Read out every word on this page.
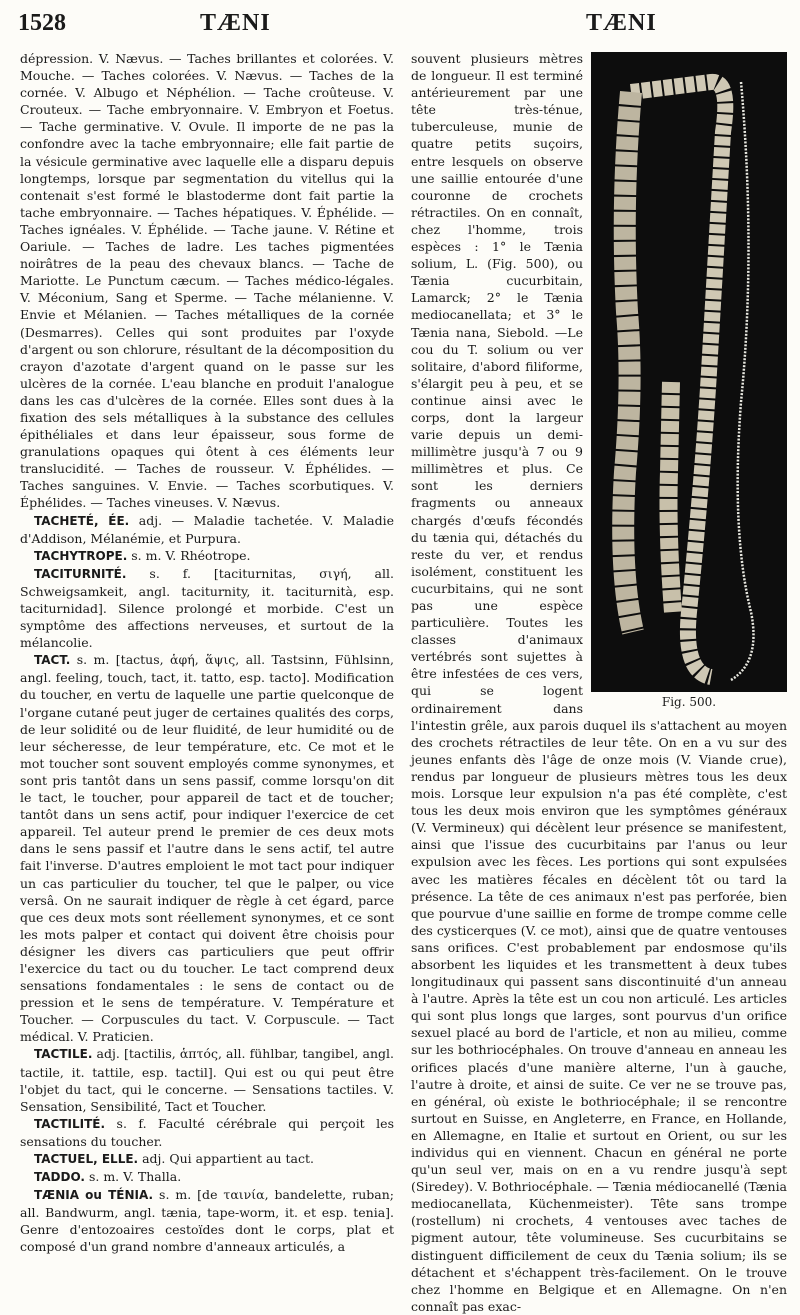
1528	TÆNI	TÆNI

dépression. V. Nævus. — Taches brillantes et colorées. V. Mouche. — Taches colorées. V. Nævus. — Taches de la cornée. V. Albugo et Néphélion. — Tache croûteuse. V. Crouteux. — Tache embryonnaire. V. Embryon et Foetus. — Tache germinative. V. Ovule. Il importe de ne pas la confondre avec la tache embryonnaire; elle fait partie de la vésicule germinative avec laquelle elle a disparu depuis longtemps, lorsque par segmentation du vitellus qui la contenait s'est formé le blastoderme dont fait partie la tache embryonnaire. — Taches hépatiques. V. Éphélide. — Taches ignéales. V. Éphélide. — Tache jaune. V. Rétine et Oariule. — Taches de ladre. Les taches pigmentées noirâtres de la peau des chevaux blancs. — Tache de Mariotte. Le Punctum cæcum. — Taches médico-légales. V. Méconium, Sang et Sperme. — Tache mélanienne. V. Envie et Mélanien. — Taches métalliques de la cornée (Desmarres). Celles qui sont produites par l'oxyde d'argent ou son chlorure, résultant de la décomposition du crayon d'azotate d'argent quand on le passe sur les ulcères de la cornée. L'eau blanche en produit l'analogue dans les cas d'ulcères de la cornée. Elles sont dues à la fixation des sels métalliques à la substance des cellules épithéliales et dans leur épaisseur, sous forme de granulations opaques qui ôtent à ces éléments leur translucidité. — Taches de rousseur. V. Éphélides. — Taches sanguines. V. Envie. — Taches scorbutiques. V. Éphélides. — Taches vineuses. V. Nævus.

TACHETÉ, ÉE. adj. — Maladie tachetée. V. Maladie d'Addison, Mélanémie, et Purpura.

TACHYTROPE. s. m. V. Rhéotrope.

TACITURNITÉ. s. f. [taciturnitas, σιγή, all. Schweigsamkeit, angl. taciturnity, it. taciturnità, esp. taciturnidad]. Silence prolongé et morbide. C'est un symptôme des affections nerveuses, et surtout de la mélancolie.

TACT. s. m. [tactus, ἁφή, ἅψις, all. Tastsinn, Fühlsinn, angl. feeling, touch, tact, it. tatto, esp. tacto]. Modification du toucher, en vertu de laquelle une partie quelconque de l'organe cutané peut juger de certaines qualités des corps, de leur solidité ou de leur fluidité, de leur humidité ou de leur sécheresse, de leur température, etc. Ce mot et le mot toucher sont souvent employés comme synonymes, et sont pris tantôt dans un sens passif, comme lorsqu'on dit le tact, le toucher, pour appareil de tact et de toucher; tantôt dans un sens actif, pour indiquer l'exercice de cet appareil. Tel auteur prend le premier de ces deux mots dans le sens passif et l'autre dans le sens actif, tel autre fait l'inverse. D'autres emploient le mot tact pour indiquer un cas particulier du toucher, tel que le palper, ou vice versâ. On ne saurait indiquer de règle à cet égard, parce que ces deux mots sont réellement synonymes, et ce sont les mots palper et contact qui doivent être choisis pour désigner les divers cas particuliers que peut offrir l'exercice du tact ou du toucher. Le tact comprend deux sensations fondamentales : le sens de contact ou de pression et le sens de température. V. Température et Toucher. — Corpuscules du tact. V. Corpuscule. — Tact médical. V. Praticien.

TACTILE. adj. [tactilis, ἁπτός, all. fühlbar, tangibel, angl. tactile, it. tattile, esp. tactil]. Qui est ou qui peut être l'objet du tact, qui le concerne. — Sensations tactiles. V. Sensation, Sensibilité, Tact et Toucher.

TACTILITÉ. s. f. Faculté cérébrale qui perçoit les sensations du toucher.

TACTUEL, ELLE. adj. Qui appartient au tact.

TADDO. s. m. V. Thalla.

TÆNIA ou TÉNIA. s. m. [de ταινία, bandelette, ruban; all. Bandwurm, angl. tænia, tape-worm, it. et esp. tenia]. Genre d'entozoaires cestoïdes dont le corps, plat et composé d'un grand nombre d'anneaux articulés, a

Fig. 500.

souvent plusieurs mètres de longueur. Il est terminé antérieurement par une tête très-ténue, tuberculeuse, munie de quatre petits suçoirs, entre lesquels on observe une saillie entourée d'une couronne de crochets rétractiles. On en connaît, chez l'homme, trois espèces : 1° le Tænia solium, L. (Fig. 500), ou Tænia cucurbitain, Lamarck; 2° le Tænia mediocanellata; et 3° le Tænia nana, Siebold. —Le cou du T. solium ou ver solitaire, d'abord filiforme, s'élargit peu à peu, et se continue ainsi avec le corps, dont la largeur varie depuis un demi-millimètre jusqu'à 7 ou 9 millimètres et plus. Ce sont les derniers fragments ou anneaux chargés d'œufs fécondés du tænia qui, détachés du reste du ver, et rendus isolément, constituent les cucurbitains, qui ne sont pas une espèce particulière. Toutes les classes d'animaux vertébrés sont sujettes à être infestées de ces vers, qui se logent ordinairement dans l'intestin grêle, aux parois duquel ils s'attachent au moyen des crochets rétractiles de leur tête. On en a vu sur des jeunes enfants dès l'âge de onze mois (V. Viande crue), rendus par longueur de plusieurs mètres tous les deux mois. Lorsque leur expulsion n'a pas été complète, c'est tous les deux mois environ que les symptômes généraux (V. Vermineux) qui décèlent leur présence se manifestent, ainsi que l'issue des cucurbitains par l'anus ou leur expulsion avec les fèces. Les portions qui sont expulsées avec les matières fécales en décèlent tôt ou tard la présence. La tête de ces animaux n'est pas perforée, bien que pourvue d'une saillie en forme de trompe comme celle des cysticerques (V. ce mot), ainsi que de quatre ventouses sans orifices. C'est probablement par endosmose qu'ils absorbent les liquides et les transmettent à deux tubes longitudinaux qui passent sans discontinuité d'un anneau à l'autre. Après la tête est un cou non articulé. Les articles qui sont plus longs que larges, sont pourvus d'un orifice sexuel placé au bord de l'article, et non au milieu, comme sur les bothriocéphales. On trouve d'anneau en anneau les orifices placés d'une manière alterne, l'un à gauche, l'autre à droite, et ainsi de suite. Ce ver ne se trouve pas, en général, où existe le bothriocéphale; il se rencontre surtout en Suisse, en Angleterre, en France, en Hollande, en Allemagne, en Italie et surtout en Orient, ou sur les individus qui en viennent. Chacun en général ne porte qu'un seul ver, mais on en a vu rendre jusqu'à sept (Siredey). V. Bothriocéphale. — Tænia médiocanellé (Tænia mediocanellata, Küchenmeister). Tête sans trompe (rostellum) ni crochets, 4 ventouses avec taches de pigment autour, tête volumineuse. Ses cucurbitains se distinguent difficilement de ceux du Tænia solium; ils se détachent et s'échappent très-facilement. On le trouve chez l'homme en Belgique et en Allemagne. On n'en connaît pas exac-
